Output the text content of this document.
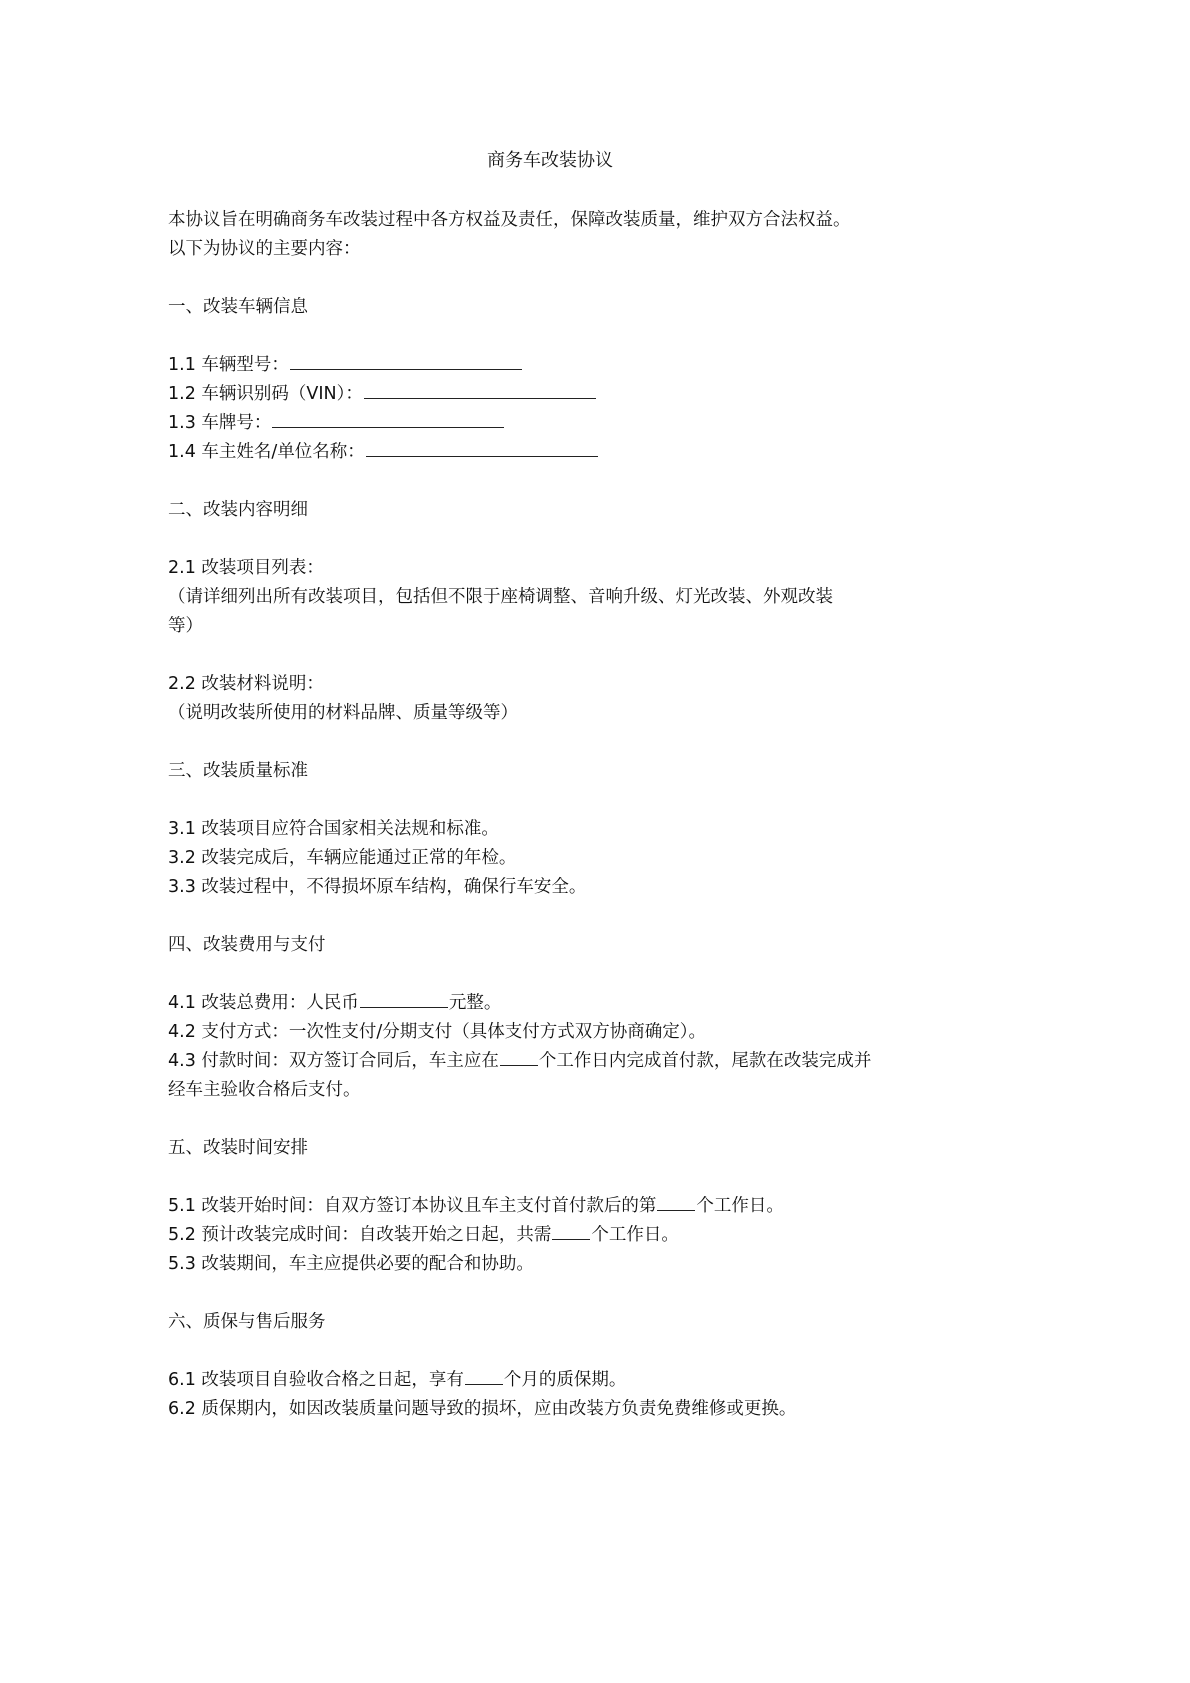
商务车改装协议
本协议旨在明确商务车改装过程中各方权益及责任，保障改装质量，维护双方合法权益。
以下为协议的主要内容：
一、改装车辆信息
1.1 车辆型号：
1.2 车辆识别码（VIN）：
1.3 车牌号：
1.4 车主姓名/单位名称：
二、改装内容明细
2.1 改装项目列表：
（请详细列出所有改装项目，包括但不限于座椅调整、音响升级、灯光改装、外观改装
等）
2.2 改装材料说明：
（说明改装所使用的材料品牌、质量等级等）
三、改装质量标准
3.1 改装项目应符合国家相关法规和标准。
3.2 改装完成后，车辆应能通过正常的年检。
3.3 改装过程中，不得损坏原车结构，确保行车安全。
四、改装费用与支付
4.1 改装总费用：人民币	元整。
4.2 支付方式：一次性支付/分期支付（具体支付方式双方协商确定）。
4.3 付款时间：双方签订合同后，车主应在 个工作日内完成首付款，尾款在改装完成并
经车主验收合格后支付。
五、改装时间安排
5.1 改装开始时间：自双方签订本协议且车主支付首付款后的第 个工作日。
5.2 预计改装完成时间：自改装开始之日起，共需 个工作日。
5.3 改装期间，车主应提供必要的配合和协助。
六、质保与售后服务
6.1 改装项目自验收合格之日起，享有 个月的质保期。
6.2 质保期内，如因改装质量问题导致的损坏，应由改装方负责免费维修或更换。
